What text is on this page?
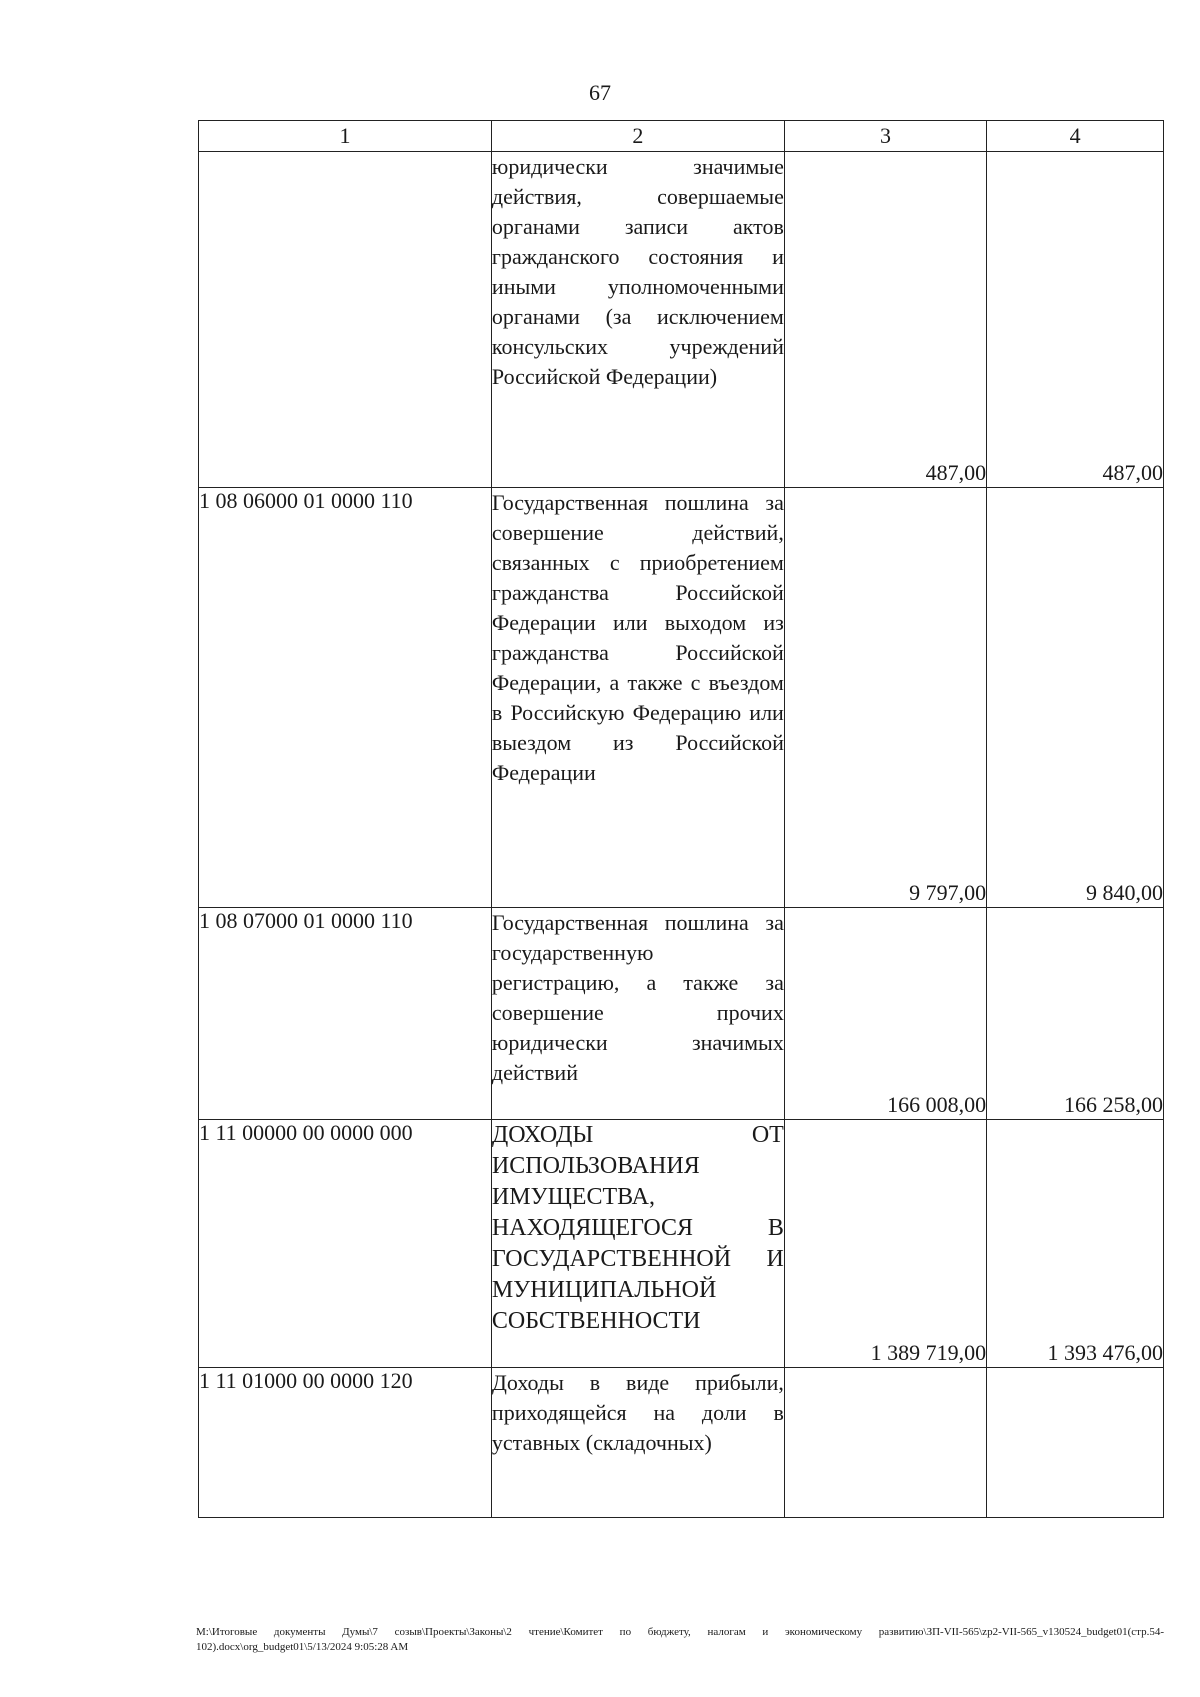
67
1	2	3	4
	юридически значимые действия, совершаемые органами записи актов гражданского состояния и иными уполномоченными органами (за исключением консульских учреждений Российской Федерации)	487,00	487,00

1 08 06000 01 0000 110	Государственная пошлина за совершение действий, связанных с приобретением гражданства Российской Федерации или выходом из гражданства Российской Федерации, а также с въездом в Российскую Федерацию или выездом из Российской Федерации	9 797,00	9 840,00

1 08 07000 01 0000 110	Государственная пошлина за государственную регистрацию, а также за совершение прочих юридически значимых действий	166 008,00	166 258,00

1 11 00000 00 0000 000	ДОХОДЫ ОТ ИСПОЛЬЗОВАНИЯ ИМУЩЕСТВА, НАХОДЯЩЕГОСЯ В ГОСУДАРСТВЕННОЙ И МУНИЦИПАЛЬНОЙ СОБСТВЕННОСТИ	1 389 719,00	1 393 476,00

1 11 01000 00 0000 120	Доходы в виде прибыли, приходящейся на доли в уставных (складочных)	

М:\Итоговые документы Думы\7 созыв\Проекты\Законы\2 чтение\Комитет по бюджету, налогам и экономическому развитию\ЗП-VII-565\zp2-VII-565_v130524_budget01(стр.54-102).docx\org_budget01\5/13/2024 9:05:28 AM
